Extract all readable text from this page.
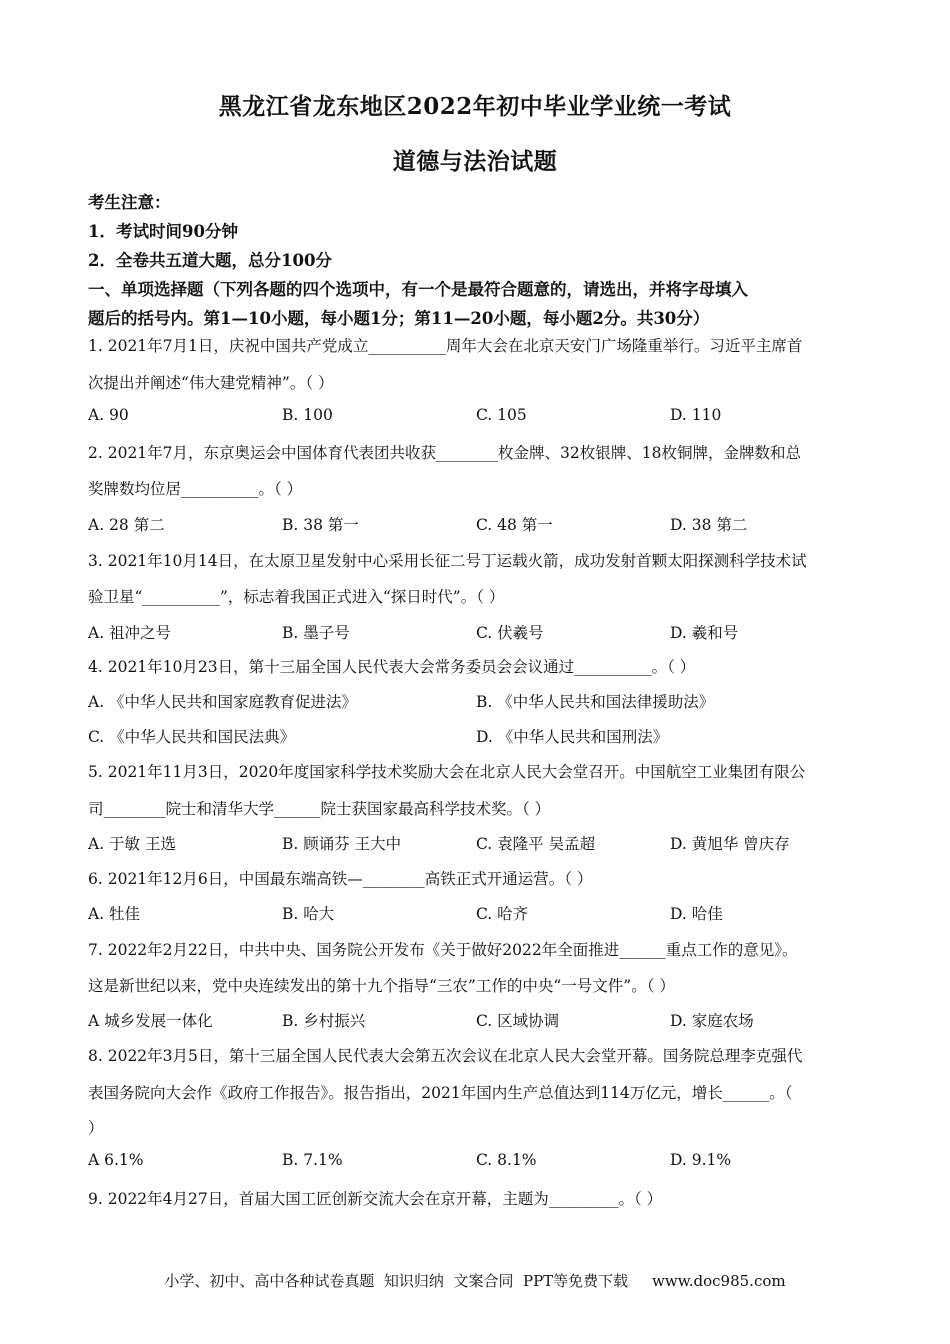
黑龙江省龙东地区2022年初中毕业学业统一考试
道德与法治试题
考生注意：
1．考试时间90分钟
2．全卷共五道大题，总分100分
一、单项选择题（下列各题的四个选项中，有一个是最符合题意的，请选出，并将字母填入
题后的括号内。第1—10小题，每小题1分；第11—20小题，每小题2分。共30分）
1. 2021年7月1日，庆祝中国共产党成立__________周年大会在北京天安门广场隆重举行。习近平主席首
次提出并阐述“伟大建党精神”。（ ）
A. 90	B. 100	C. 105	D. 110
2. 2021年7月，东京奥运会中国体育代表团共收获________枚金牌、32枚银牌、18枚铜牌，金牌数和总
奖牌数均位居__________。（ ）
A. 28 第二	B. 38 第一	C. 48 第一	D. 38 第二
3. 2021年10月14日，在太原卫星发射中心采用长征二号丁运载火箭，成功发射首颗太阳探测科学技术试
验卫星“__________”，标志着我国正式进入“探日时代”。（ ）
A. 祖冲之号	B. 墨子号	C. 伏羲号	D. 羲和号
4. 2021年10月23日，第十三届全国人民代表大会常务委员会会议通过__________。（ ）
A. 《中华人民共和国家庭教育促进法》	B. 《中华人民共和国法律援助法》
C. 《中华人民共和国民法典》	D. 《中华人民共和国刑法》
5. 2021年11月3日，2020年度国家科学技术奖励大会在北京人民大会堂召开。中国航空工业集团有限公
司________院士和清华大学______院士获国家最高科学技术奖。（ ）
A. 于敏 王选	B. 顾诵芬 王大中	C. 袁隆平 吴孟超	D. 黄旭华 曾庆存
6. 2021年12月6日，中国最东端高铁—________高铁正式开通运营。（ ）
A. 牡佳	B. 哈大	C. 哈齐	D. 哈佳
7. 2022年2月22日，中共中央、国务院公开发布《关于做好2022年全面推进______重点工作的意见》。
这是新世纪以来，党中央连续发出的第十九个指导“三农”工作的中央“一号文件”。（ ）
A 城乡发展一体化	B. 乡村振兴	C. 区域协调	D. 家庭农场
8. 2022年3月5日，第十三届全国人民代表大会第五次会议在北京人民大会堂开幕。国务院总理李克强代
表国务院向大会作《政府工作报告》。报告指出，2021年国内生产总值达到114万亿元，增长______。（
）
A 6.1%	B. 7.1%	C. 8.1%	D. 9.1%
9. 2022年4月27日，首届大国工匠创新交流大会在京开幕，主题为_________。（ ）
小学、初中、高中各种试卷真题  知识归纳  文案合同  PPT等免费下载     www.doc985.com
